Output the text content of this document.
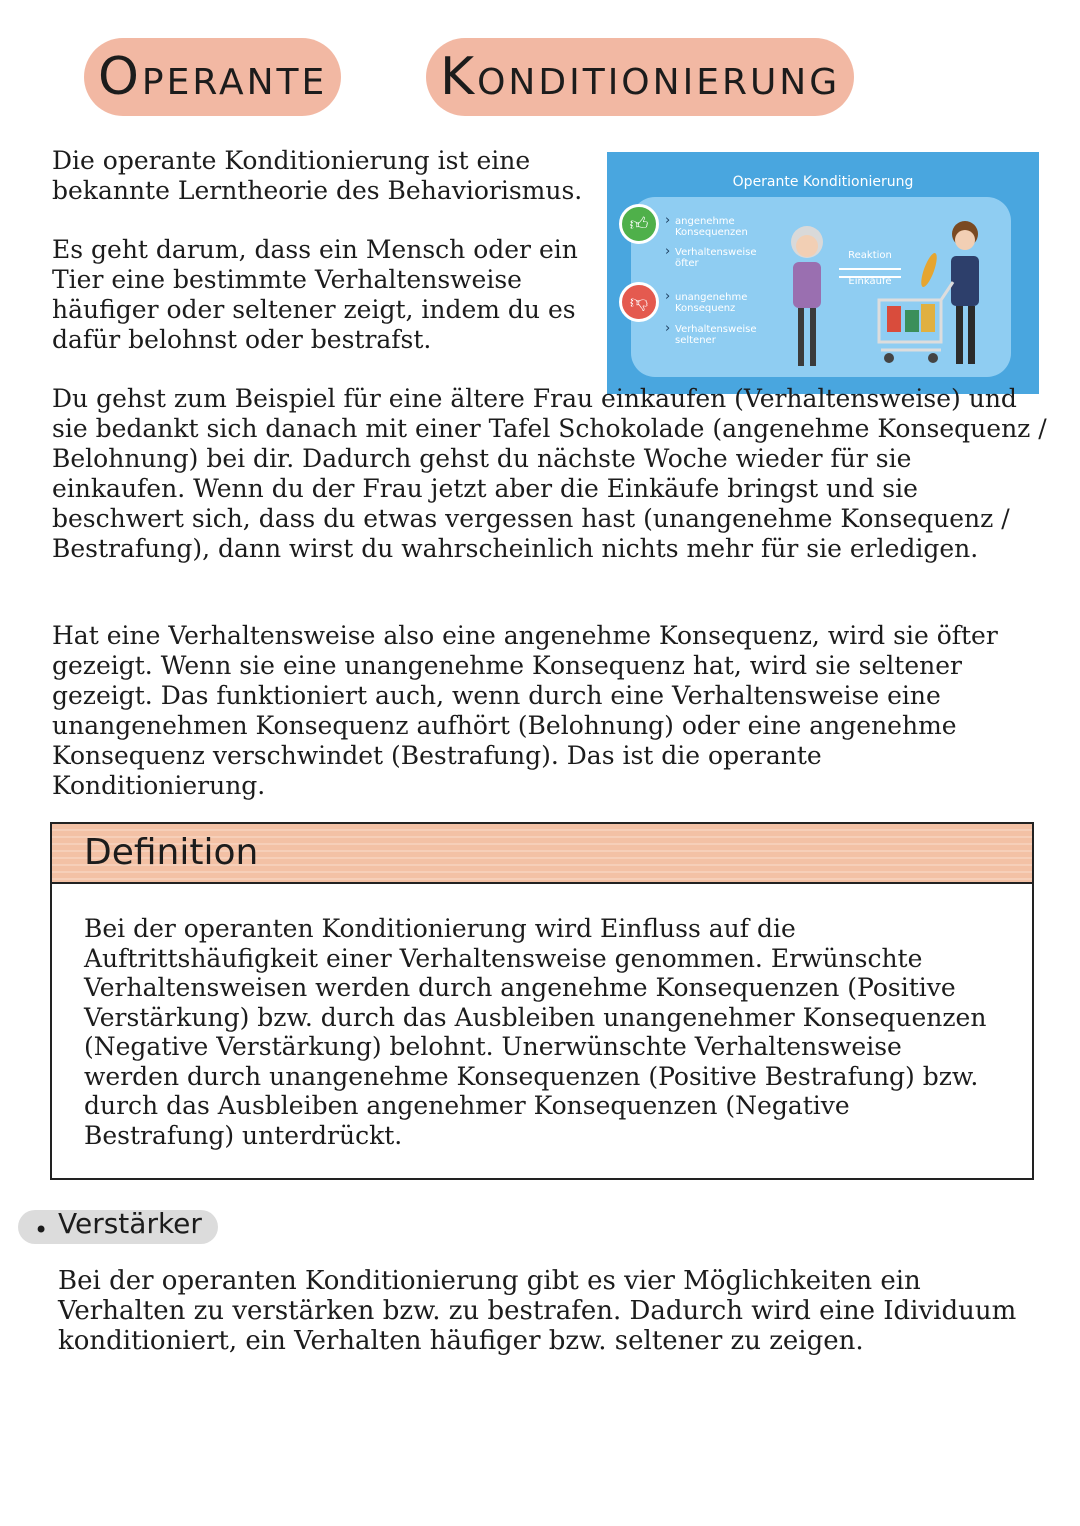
Operante Konditionierung

Die operante Konditionierung ist eine bekannte Lerntheorie des Behaviorismus.

Es geht darum, dass ein Mensch oder ein Tier eine bestimmte Verhaltensweise häufiger oder seltener zeigt, indem du es dafür belohnst oder bestrafst.

Operante Konditionierung
👍︎
👎︎
› angenehme Konsequenzen
› Verhaltensweise öfter
› unangenehme Konsequenz
› Verhaltensweise seltener
Reaktion
Einkäufe

Du gehst zum Beispiel für eine ältere Frau einkaufen (Verhaltensweise) und sie bedankt sich danach mit einer Tafel Schokolade (angenehme Konsequenz / Belohnung) bei dir. Dadurch gehst du nächste Woche wieder für sie einkaufen. Wenn du der Frau jetzt aber die Einkäufe bringst und sie beschwert sich, dass du etwas vergessen hast (unangenehme Konsequenz / Bestrafung), dann wirst du wahrscheinlich nichts mehr für sie erledigen.

Hat eine Verhaltensweise also eine angenehme Konsequenz, wird sie öfter gezeigt. Wenn sie eine unangenehme Konsequenz hat, wird sie seltener gezeigt. Das funktioniert auch, wenn durch eine Verhaltensweise eine unangenehmen Konsequenz aufhört (Belohnung) oder eine angenehme Konsequenz verschwindet (Bestrafung). Das ist die operante Konditionierung.

Definition

Bei der operanten Konditionierung wird Einfluss auf die Auftrittshäufigkeit einer Verhaltensweise genommen. Erwünschte Verhaltensweisen werden durch angenehme Konsequenzen (Positive Verstärkung) bzw. durch das Ausbleiben unangenehmer Konsequenzen (Negative Verstärkung) belohnt. Unerwünschte Verhaltensweise werden durch unangenehme Konsequenzen (Positive Bestrafung) bzw. durch das Ausbleiben angenehmer Konsequenzen (Negative Bestrafung) unterdrückt.

• Verstärker

Bei der operanten Konditionierung gibt es vier Möglichkeiten ein Verhalten zu verstärken bzw. zu bestrafen. Dadurch wird eine Idividuum konditioniert, ein Verhalten häufiger bzw. seltener zu zeigen.
